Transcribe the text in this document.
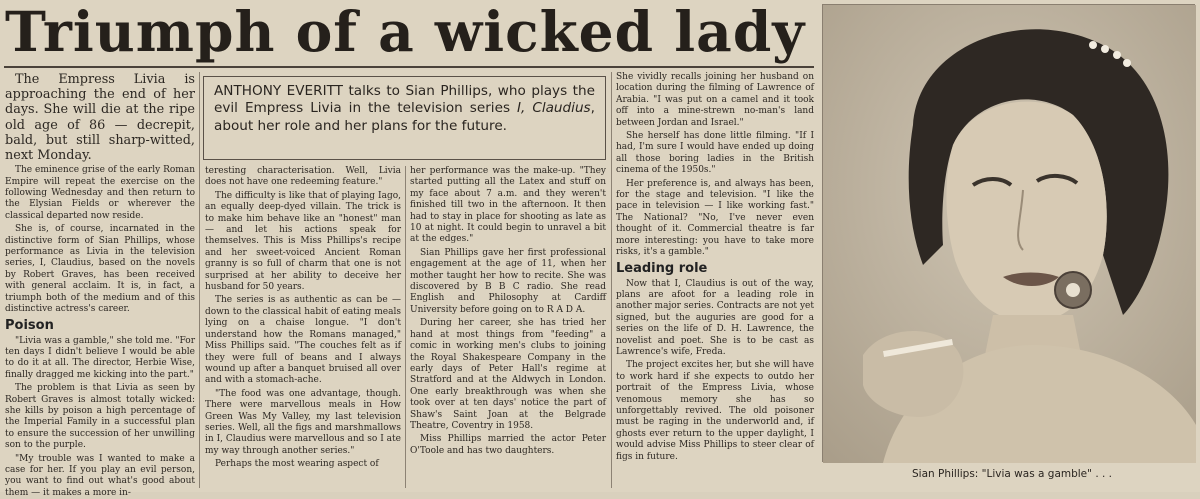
Triumph of a wicked lady

The Empress Livia is approaching the end of her days. She will die at the ripe old age of 86 — decrepit, bald, but still sharp-witted, next Monday.

The eminence grise of the early Roman Empire will repeat the exercise on the following Wednesday and then return to the Elysian Fields or wherever the classical departed now reside.

She is, of course, incarnated in the distinctive form of Sian Phillips, whose performance as Livia in the television series, I, Claudius, based on the novels by Robert Graves, has been received with general acclaim. It is, in fact, a triumph both of the medium and of this distinctive actress's career.

Poison

"Livia was a gamble," she told me. "For ten days I didn't believe I would be able to do it at all. The director, Herbie Wise, finally dragged me kicking into the part."

The problem is that Livia as seen by Robert Graves is almost totally wicked: she kills by poison a high percentage of the Imperial Family in a successful plan to ensure the succession of her unwilling son to the purple.

"My trouble was I wanted to make a case for her. If you play an evil person, you want to find out what's good about them — it makes a more in-

ANTHONY EVERITT talks to Sian Phillips, who plays the evil Empress Livia in the television series I, Claudius, about her role and her plans for the future.

teresting characterisation. Well, Livia does not have one redeeming feature."

The difficulty is like that of playing Iago, an equally deep-dyed villain. The trick is to make him behave like an "honest" man — and let his actions speak for themselves. This is Miss Phillips's recipe and her sweet-voiced Ancient Roman granny is so full of charm that one is not surprised at her ability to deceive her husband for 50 years.

The series is as authentic as can be — down to the classical habit of eating meals lying on a chaise longue. "I don't understand how the Romans managed," Miss Phillips said. "The couches felt as if they were full of beans and I always wound up after a banquet bruised all over and with a stomach-ache.

"The food was one advantage, though. There were marvellous meals in How Green Was My Valley, my last television series. Well, all the figs and marshmallows in I, Claudius were marvellous and so I ate my way through another series."

Perhaps the most wearing aspect of

her performance was the make-up. "They started putting all the Latex and stuff on my face about 7 a.m. and they weren't finished till two in the afternoon. It then had to stay in place for shooting as late as 10 at night. It could begin to unravel a bit at the edges."

Sian Phillips gave her first professional engagement at the age of 11, when her mother taught her how to recite. She was discovered by B B C radio. She read English and Philosophy at Cardiff University before going on to R A D A.

During her career, she has tried her hand at most things from "feeding" a comic in working men's clubs to joining the Royal Shakespeare Company in the early days of Peter Hall's regime at Stratford and at the Aldwych in London. One early breakthrough was when she took over at ten days' notice the part of Shaw's Saint Joan at the Belgrade Theatre, Coventry in 1958.

Miss Phillips married the actor Peter O'Toole and has two daughters.

She vividly recalls joining her husband on location during the filming of Lawrence of Arabia. "I was put on a camel and it took off into a mine-strewn no-man's land between Jordan and Israel."

She herself has done little filming. "If I had, I'm sure I would have ended up doing all those boring ladies in the British cinema of the 1950s."

Her preference is, and always has been, for the stage and television. "I like the pace in television — I like working fast." The National? "No, I've never even thought of it. Commercial theatre is far more interesting: you have to take more risks, it's a gamble."

Leading role

Now that I, Claudius is out of the way, plans are afoot for a leading role in another major series. Contracts are not yet signed, but the auguries are good for a series on the life of D. H. Lawrence, the novelist and poet. She is to be cast as Lawrence's wife, Freda.

The project excites her, but she will have to work hard if she expects to outdo her portrait of the Empress Livia, whose venomous memory she has so unforgettably revived. The old poisoner must be raging in the underworld and, if ghosts ever return to the upper daylight, I would advise Miss Phillips to steer clear of figs in future.

Sian Phillips: "Livia was a gamble" . . .
